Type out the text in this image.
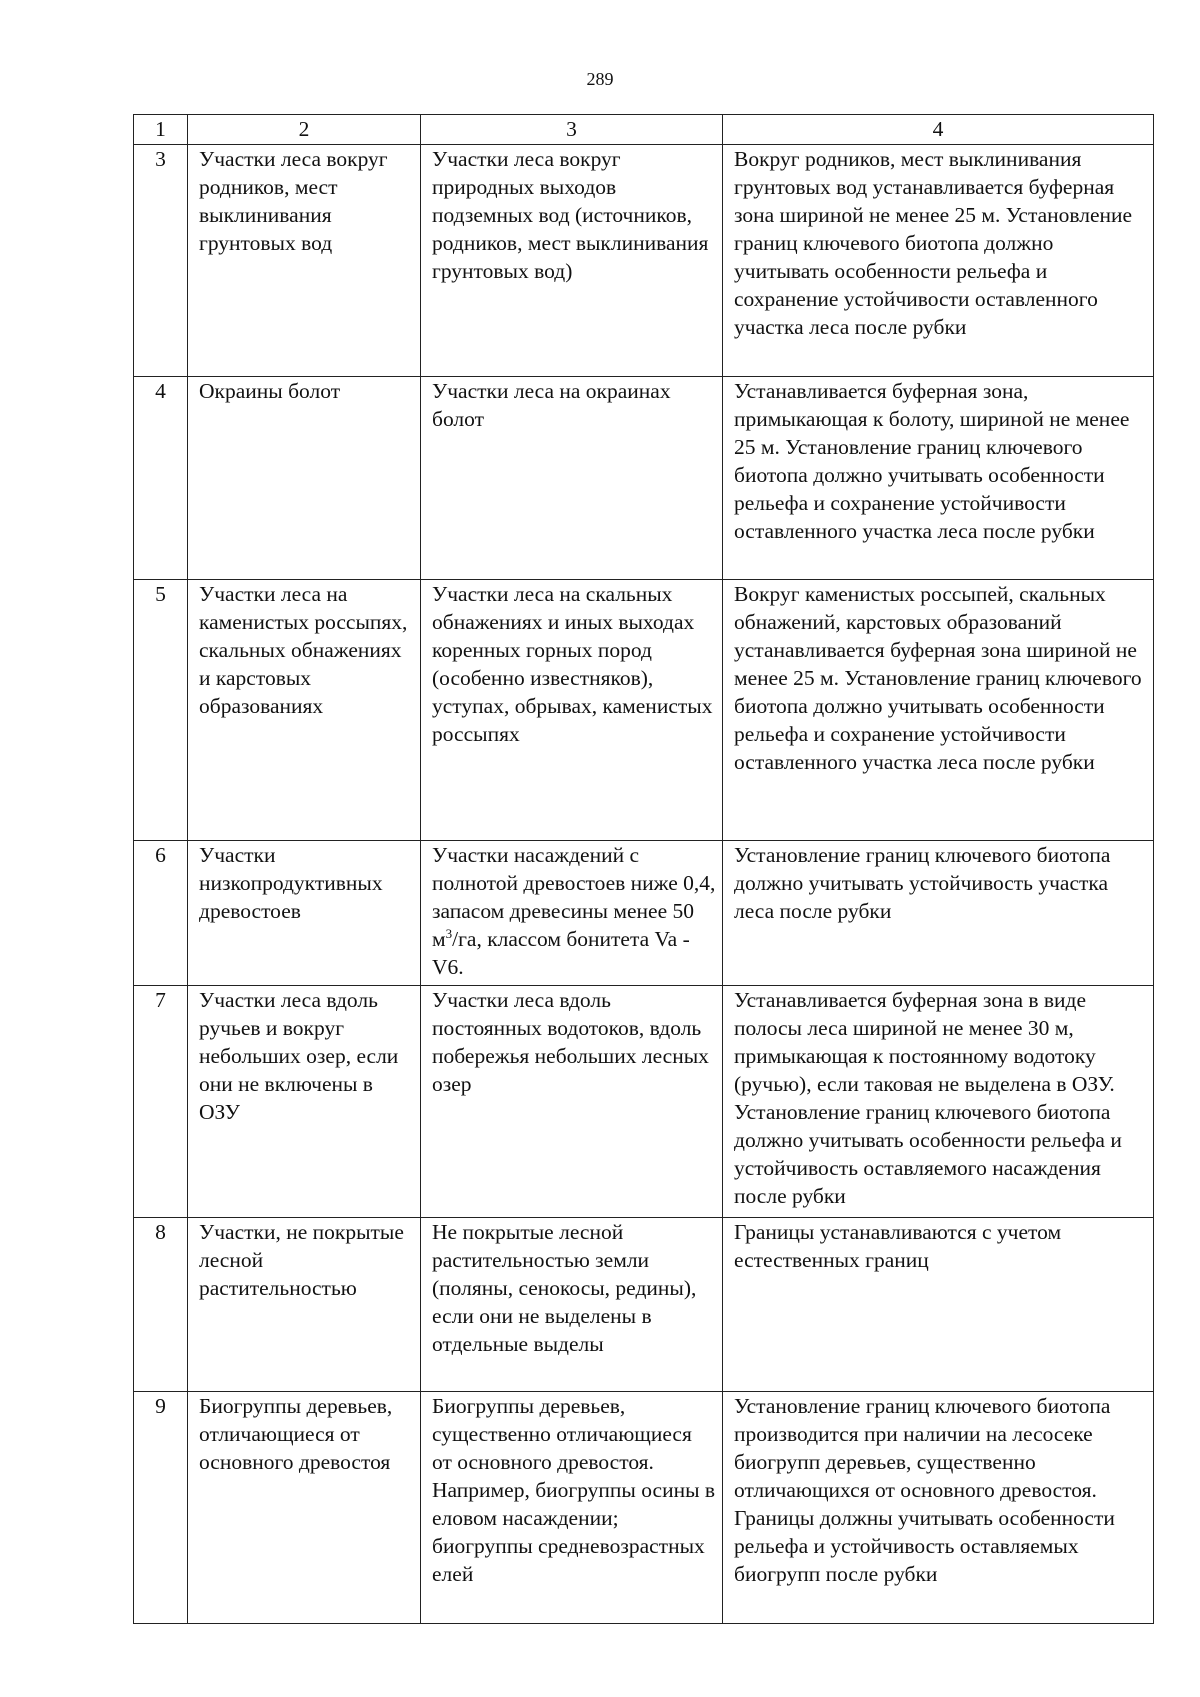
289
1	2	3	4
3	Участки леса вокруг родников, мест выклинивания грунтовых вод	Участки леса вокруг природных выходов подземных вод (источников, родников, мест выклинивания грунтовых вод)	Вокруг родников, мест выклинивания грунтовых вод устанавливается буферная зона шириной не менее 25 м. Установление границ ключевого биотопа должно учитывать особенности рельефа и сохранение устойчивости оставленного участка леса после рубки
4	Окраины болот	Участки леса на окраинах болот	Устанавливается буферная зона, примыкающая к болоту, шириной не менее 25 м. Установление границ ключевого биотопа должно учитывать особенности рельефа и сохранение устойчивости оставленного участка леса после рубки
5	Участки леса на каменистых россыпях, скальных обнажениях и карстовых образованиях	Участки леса на скальных обнажениях и иных выходах коренных горных пород (особенно известняков), уступах, обрывах, каменистых россыпях	Вокруг каменистых россыпей, скальных обнажений, карстовых образований устанавливается буферная зона шириной не менее 25 м. Установление границ ключевого биотопа должно учитывать особенности рельефа и сохранение устойчивости оставленного участка леса после рубки
6	Участки низкопродуктивных древостоев	Участки насаждений с полнотой древостоев ниже 0,4, запасом древесины менее 50 $м^3/га$, классом бонитета Va - V6.	Установление границ ключевого биотопа должно учитывать устойчивость участка леса после рубки
7	Участки леса вдоль ручьев и вокруг небольших озер, если они не включены в ОЗУ	Участки леса вдоль постоянных водотоков, вдоль побережья небольших лесных озер	Устанавливается буферная зона в виде полосы леса шириной не менее 30 м, примыкающая к постоянному водотоку (ручью), если таковая не выделена в ОЗУ. Установление границ ключевого биотопа должно учитывать особенности рельефа и устойчивость оставляемого насаждения после рубки
8	Участки, не покрытые лесной растительностью	Не покрытые лесной растительностью земли (поляны, сенокосы, редины), если они не выделены в отдельные выделы	Границы устанавливаются с учетом естественных границ
9	Биогруппы деревьев, отличающиеся от основного древостоя	Биогруппы деревьев, существенно отличающиеся от основного древостоя. Например, биогруппы осины в еловом насаждении; биогруппы средневозрастных елей	Установление границ ключевого биотопа производится при наличии на лесосеке биогрупп деревьев, существенно отличающихся от основного древостоя. Границы должны учитывать особенности рельефа и устойчивость оставляемых биогрупп после рубки
